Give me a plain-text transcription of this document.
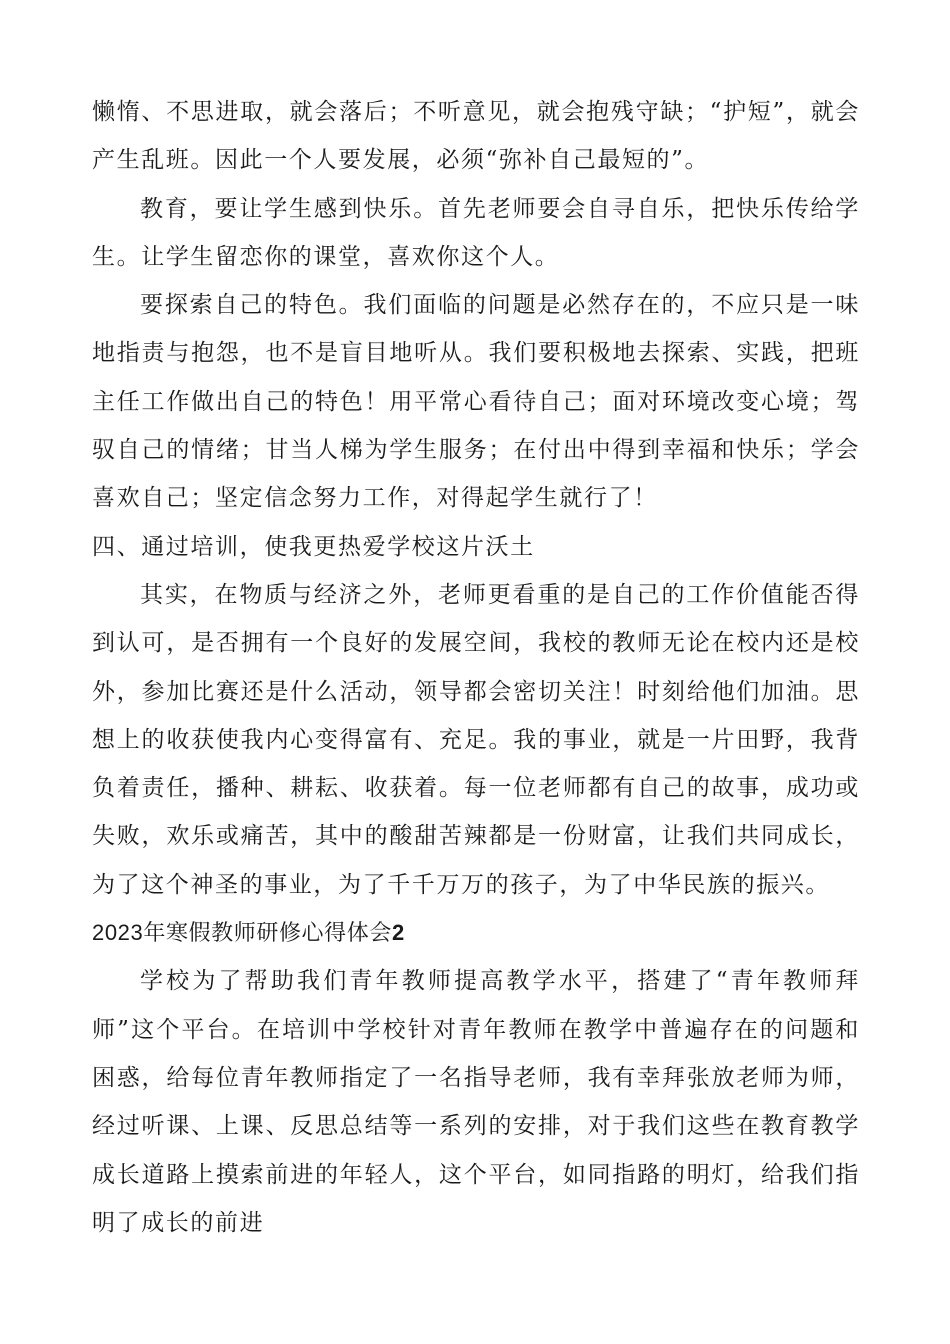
懒惰、不思进取，就会落后；不听意见，就会抱残守缺；“护短”，就会产生乱班。因此一个人要发展，必须“弥补自己最短的”。

教育，要让学生感到快乐。首先老师要会自寻自乐，把快乐传给学生。让学生留恋你的课堂，喜欢你这个人。

要探索自己的特色。我们面临的问题是必然存在的，不应只是一味地指责与抱怨，也不是盲目地听从。我们要积极地去探索、实践，把班主任工作做出自己的特色！用平常心看待自己；面对环境改变心境；驾驭自己的情绪；甘当人梯为学生服务；在付出中得到幸福和快乐；学会喜欢自己；坚定信念努力工作，对得起学生就行了！

四、通过培训，使我更热爱学校这片沃土

其实，在物质与经济之外，老师更看重的是自己的工作价值能否得到认可，是否拥有一个良好的发展空间，我校的教师无论在校内还是校外，参加比赛还是什么活动，领导都会密切关注！时刻给他们加油。思想上的收获使我内心变得富有、充足。我的事业，就是一片田野，我背负着责任，播种、耕耘、收获着。每一位老师都有自己的故事，成功或失败，欢乐或痛苦，其中的酸甜苦辣都是一份财富，让我们共同成长，为了这个神圣的事业，为了千千万万的孩子，为了中华民族的振兴。

2023年寒假教师研修心得体会2

学校为了帮助我们青年教师提高教学水平，搭建了“青年教师拜师”这个平台。在培训中学校针对青年教师在教学中普遍存在的问题和困惑，给每位青年教师指定了一名指导老师，我有幸拜张放老师为师，经过听课、上课、反思总结等一系列的安排，对于我们这些在教育教学成长道路上摸索前进的年轻人，这个平台，如同指路的明灯，给我们指明了成长的前进
